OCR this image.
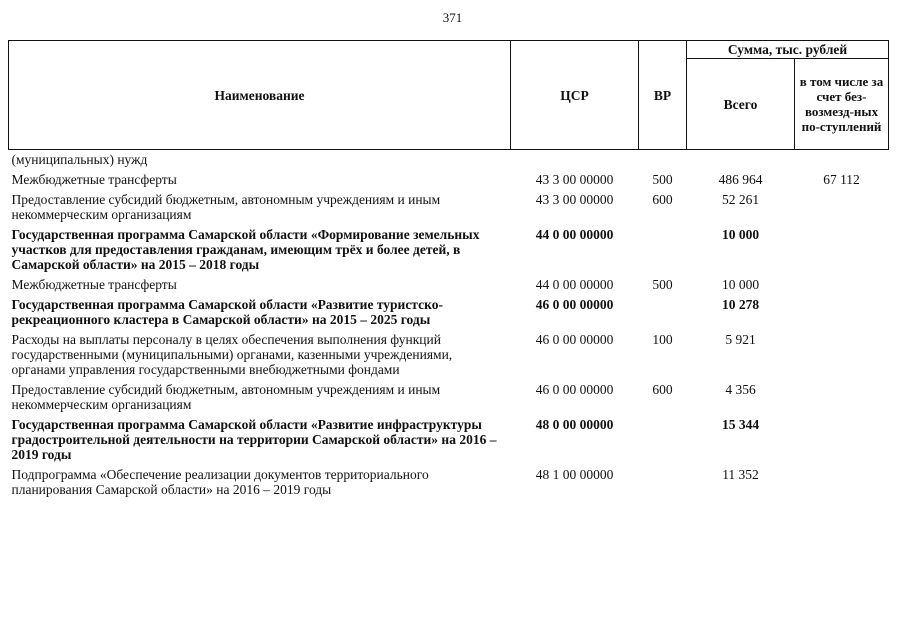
371
Наименование	ЦСР	ВР	Сумма, тыс. рублей	
			Всего	в том числе за счет без-возмезд-ных по-ступлений
(муниципальных) нужд				
Межбюджетные трансферты	43 3 00 00000	500	486 964	67 112
Предоставление субсидий бюджетным, автономным учреждениям и иным некоммерческим организациям	43 3 00 00000	600	52 261	
Государственная программа Самарской области «Формирование земельных участков для предоставления гражданам, имеющим трёх и более детей, в Самарской области» на 2015 – 2018 годы	44 0 00 00000		10 000	
Межбюджетные трансферты	44 0 00 00000	500	10 000	
Государственная программа Самарской области «Развитие туристско-рекреационного кластера в Самарской области» на 2015 – 2025 годы	46 0 00 00000		10 278	
Расходы на выплаты персоналу в целях обеспечения выполнения функций государственными (муниципальными) органами, казенными учреждениями, органами управления государственными внебюджетными фондами	46 0 00 00000	100	5 921	
Предоставление субсидий бюджетным, автономным учреждениям и иным некоммерческим организациям	46 0 00 00000	600	4 356	
Государственная программа Самарской области «Развитие инфраструктуры градостроительной деятельности на территории Самарской области» на 2016 – 2019 годы	48 0 00 00000		15 344	
Подпрограмма «Обеспечение реализации документов территориального планирования Самарской области» на 2016 – 2019 годы	48 1 00 00000		11 352	
